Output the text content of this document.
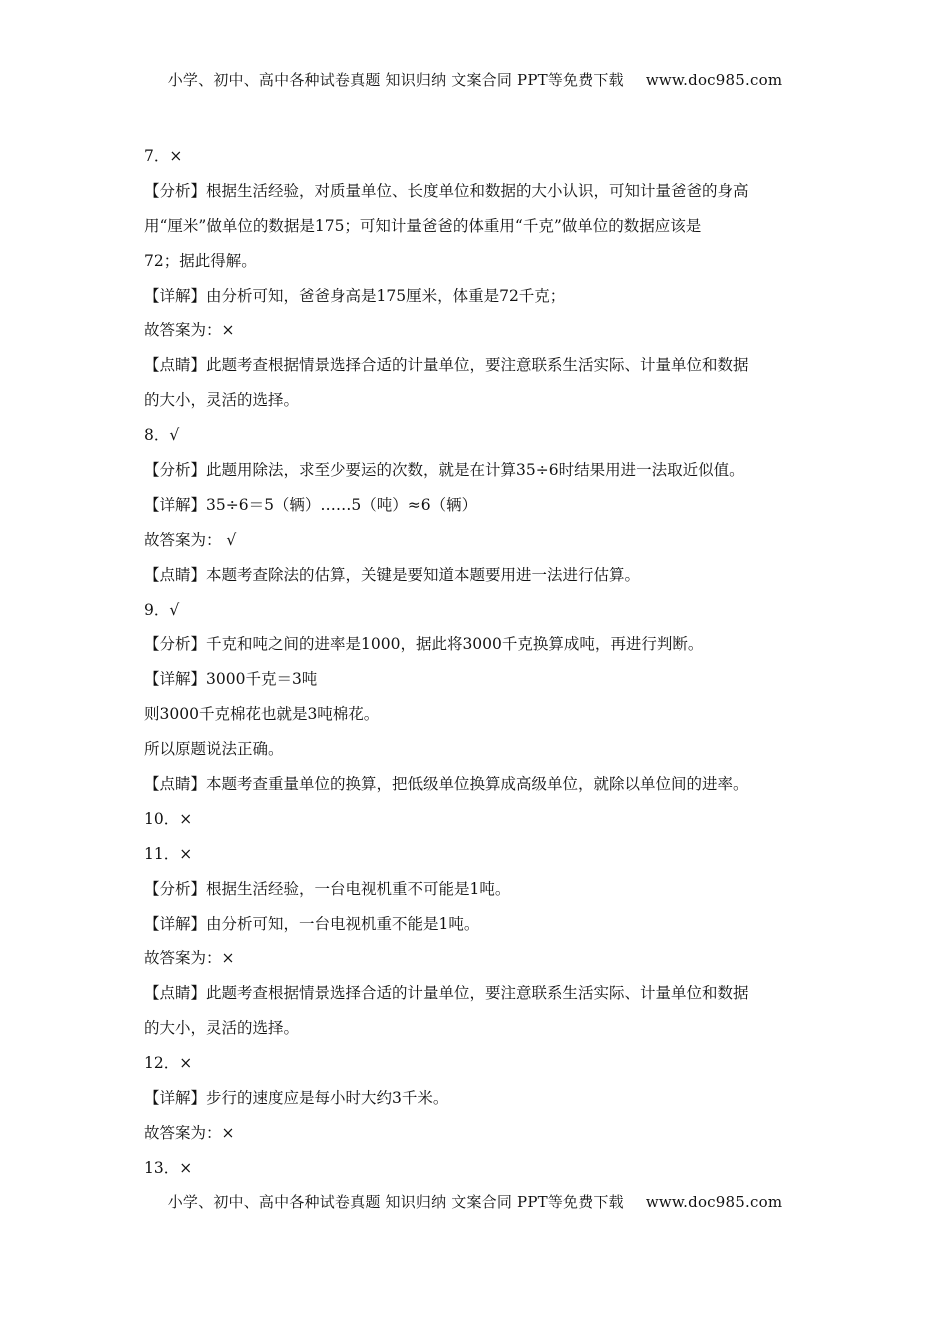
小学、初中、高中各种试卷真题 知识归纳 文案合同 PPT等免费下载 www.doc985.com
7．×
【分析】根据生活经验，对质量单位、长度单位和数据的大小认识，可知计量爸爸的身高
用“厘米”做单位的数据是175；可知计量爸爸的体重用“千克”做单位的数据应该是
72；据此得解。
【详解】由分析可知，爸爸身高是175厘米，体重是72千克；
故答案为：×
【点睛】此题考查根据情景选择合适的计量单位，要注意联系生活实际、计量单位和数据
的大小，灵活的选择。
8．√
【分析】此题用除法，求至少要运的次数，就是在计算35÷6时结果用进一法取近似值。
【详解】35÷6＝5（辆）……5（吨）≈6（辆）
故答案为： √
【点睛】本题考查除法的估算，关键是要知道本题要用进一法进行估算。
9．√
【分析】千克和吨之间的进率是1000，据此将3000千克换算成吨，再进行判断。
【详解】3000千克＝3吨
则3000千克棉花也就是3吨棉花。
所以原题说法正确。
【点睛】本题考查重量单位的换算，把低级单位换算成高级单位，就除以单位间的进率。
10．×
11．×
【分析】根据生活经验，一台电视机重不可能是1吨。
【详解】由分析可知，一台电视机重不能是1吨。
故答案为：×
【点睛】此题考查根据情景选择合适的计量单位，要注意联系生活实际、计量单位和数据
的大小，灵活的选择。
12．×
【详解】步行的速度应是每小时大约3千米。
故答案为：×
13．×
小学、初中、高中各种试卷真题 知识归纳 文案合同 PPT等免费下载 www.doc985.com
